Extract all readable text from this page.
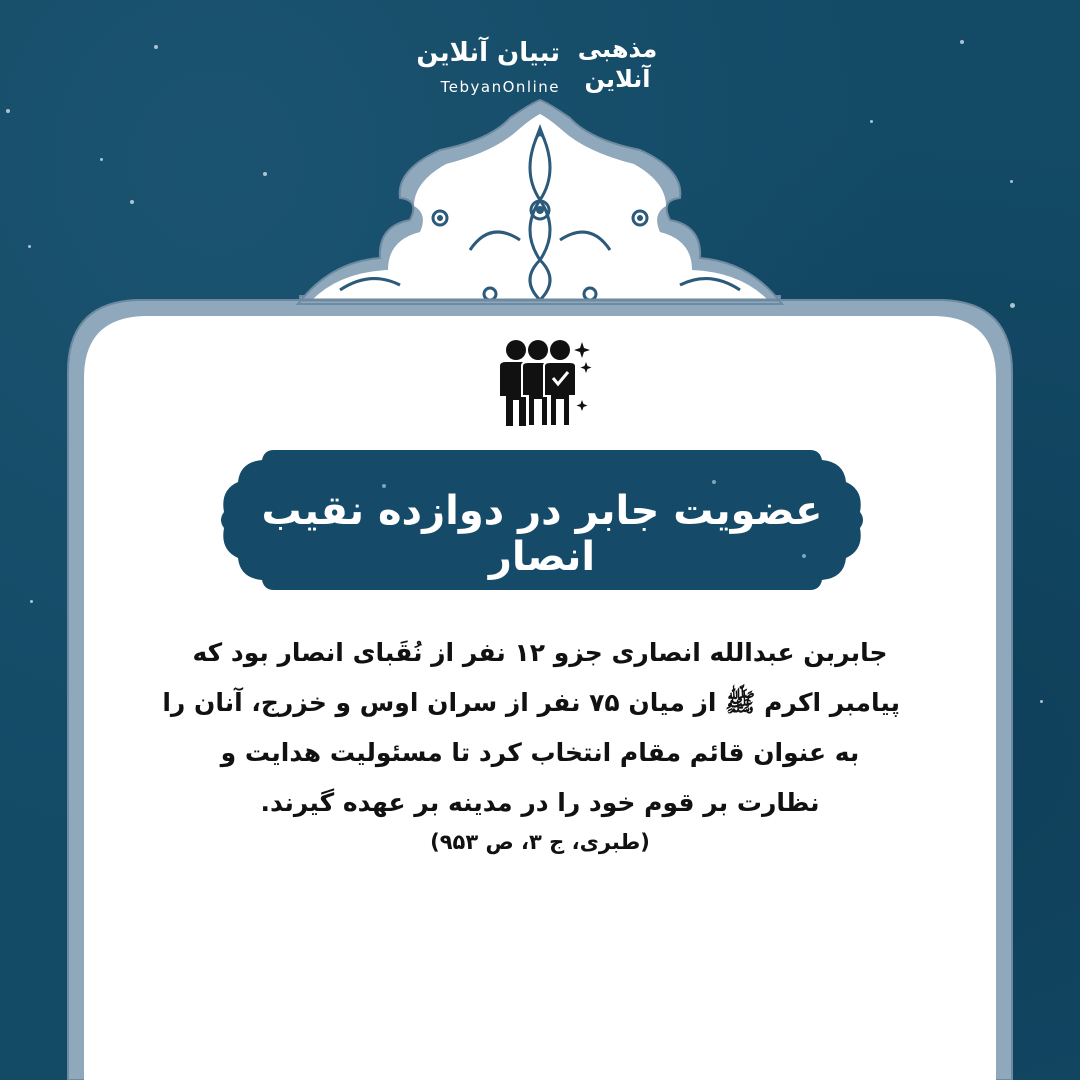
تبیان آنلاین
TebyanOnline
مذهبی
آنلاین
عضویت جابر در دوازده نقیب انصار
جابربن عبدالله انصاری جزو ۱۲ نفر از نُقَبای انصار بود که
پیامبر اکرم ﷺ از میان ۷۵ نفر از سران اوس و خزرج، آنان را
به عنوان قائم مقام انتخاب کرد تا مسئولیت هدایت و
نظارت بر قوم خود را در مدینه بر عهده گیرند.
(طبری، ج ۳، ص ۹۵۳)
